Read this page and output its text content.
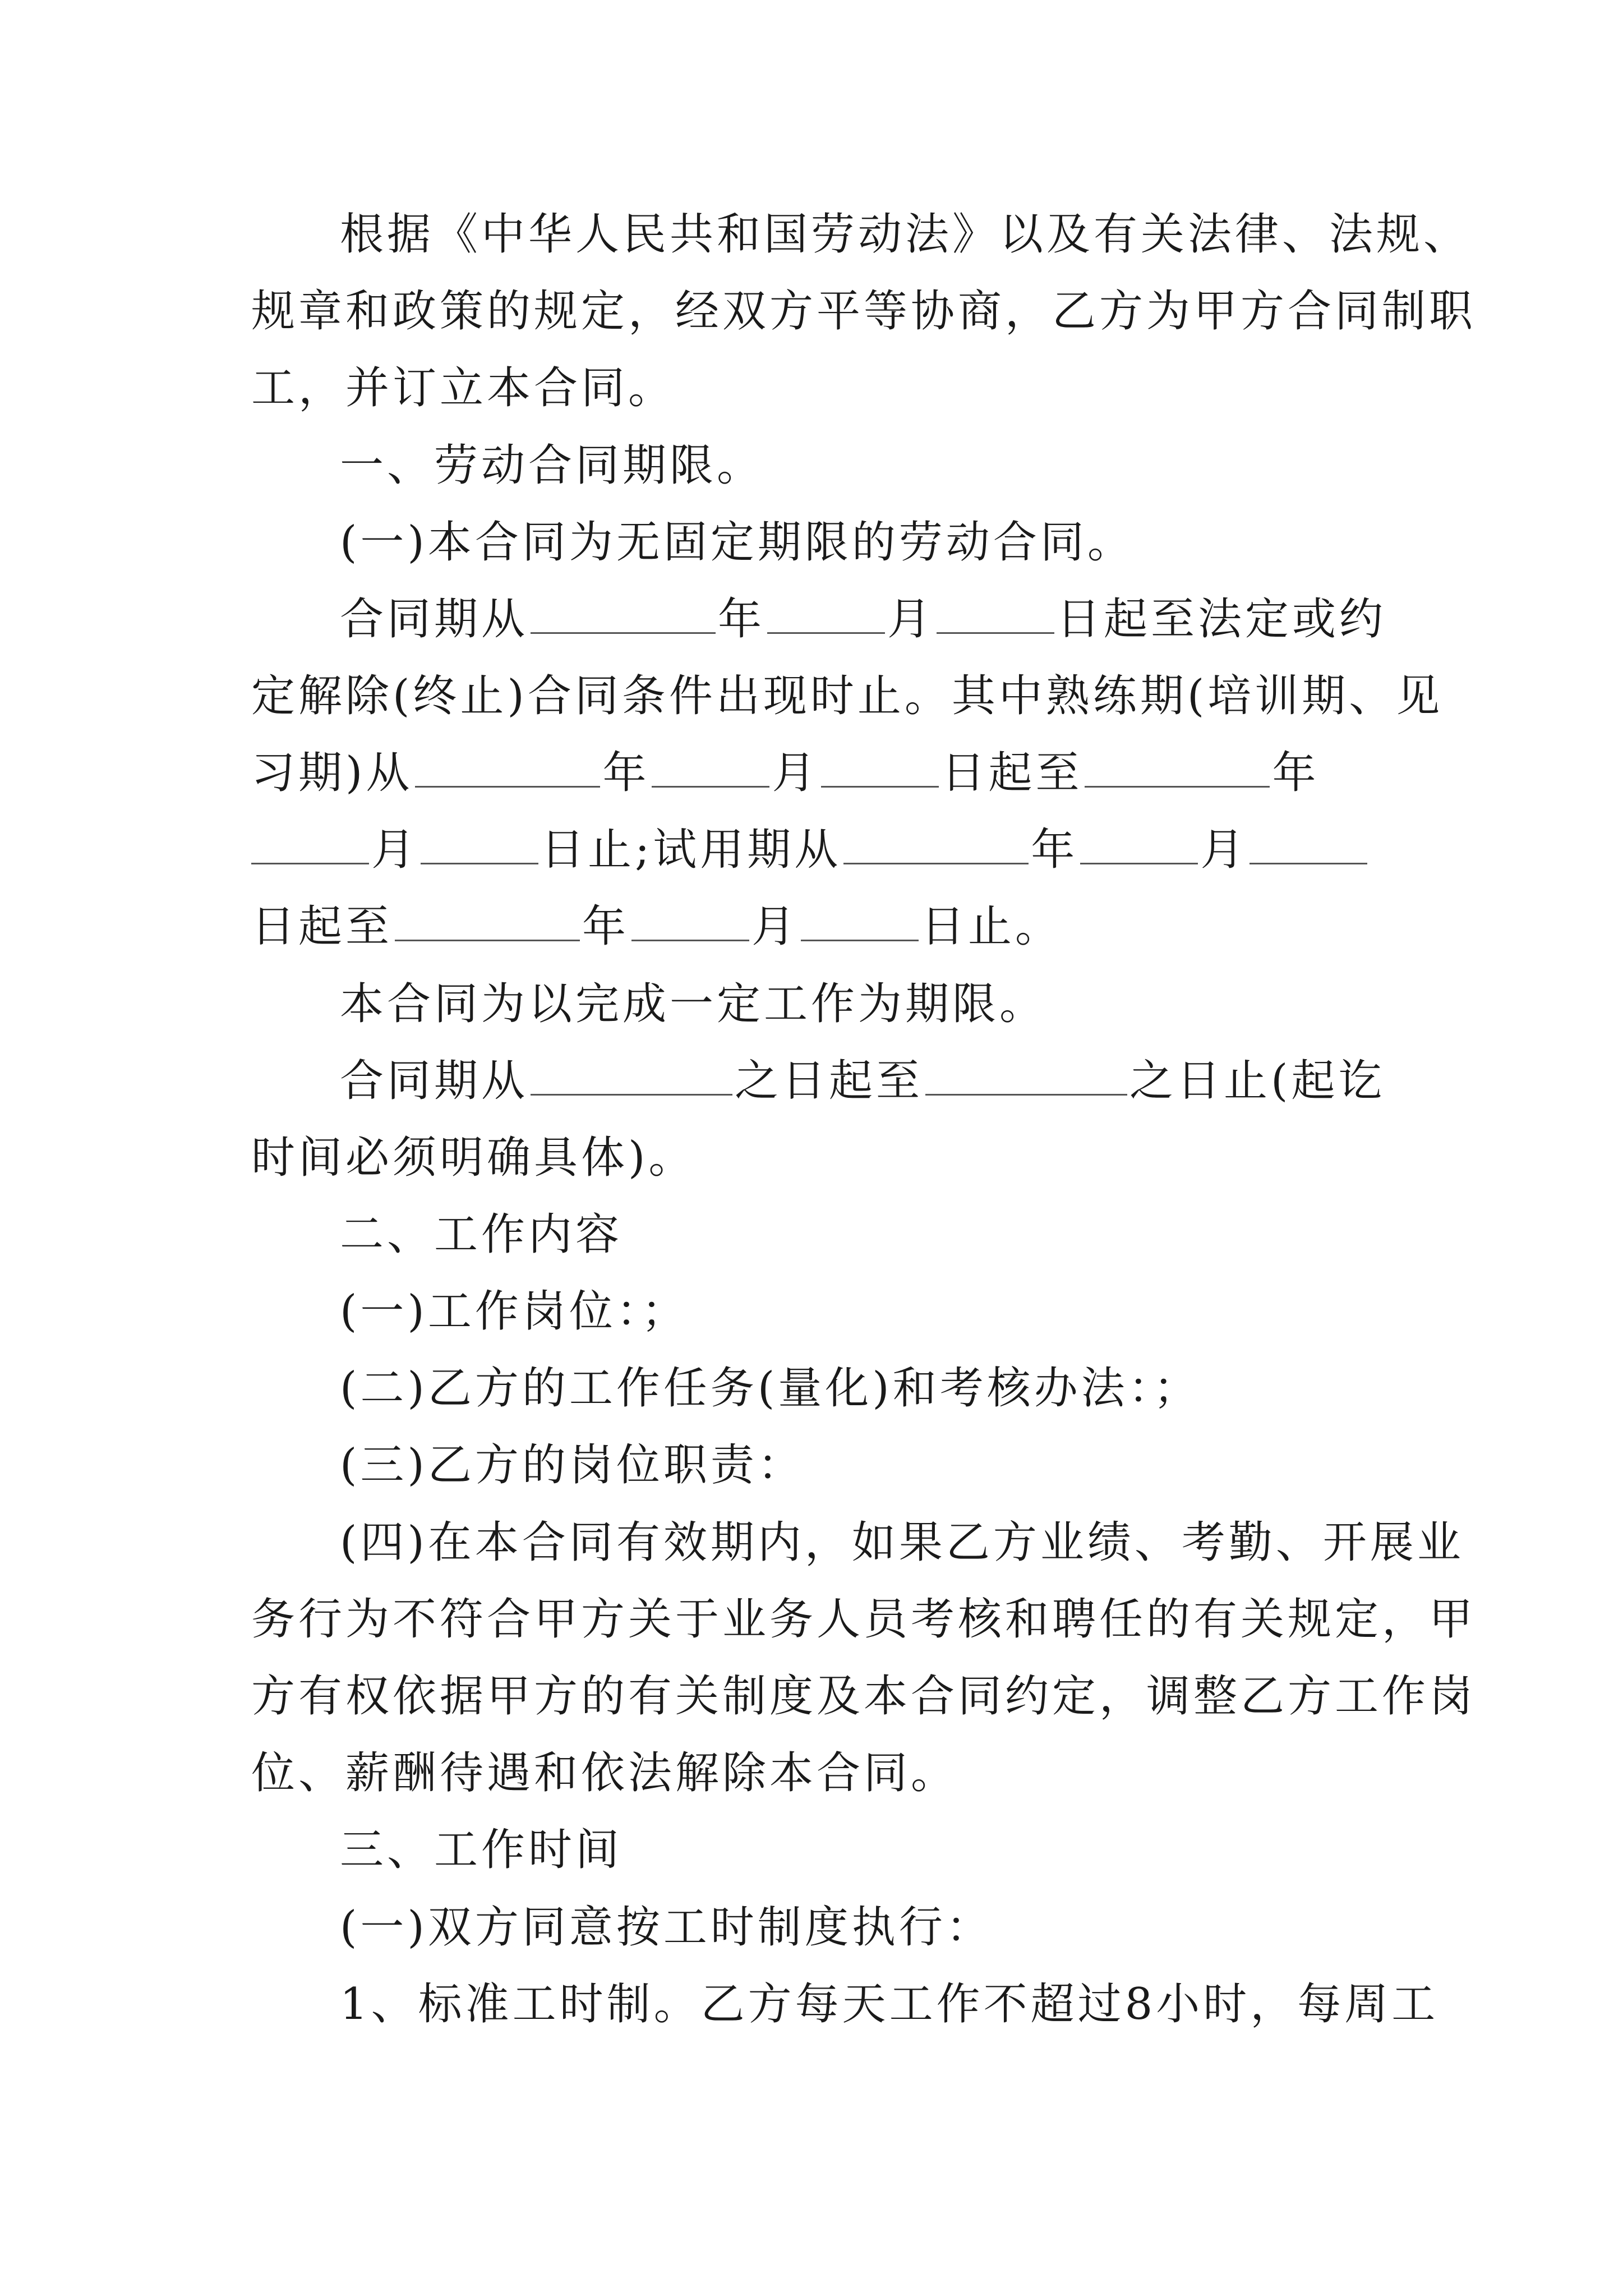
根据《中华人民共和国劳动法》以及有关法律、法规、
规章和政策的规定，经双方平等协商，乙方为甲方合同制职
工，并订立本合同。
一、劳动合同期限。
(一)本合同为无固定期限的劳动合同。
合同期从	年	月	日起至法定或约
定解除(终止)合同条件出现时止。其中熟练期(培训期、见
习期)从	年	月	日起至	年
月	日止;试用期从	年	月
日起至	年	月	日止。
本合同为以完成一定工作为期限。
合同期从	之日起至	之日止(起讫
时间必须明确具体)。
二、工作内容
(一)工作岗位：；
(二)乙方的工作任务(量化)和考核办法：；
(三)乙方的岗位职责：
(四)在本合同有效期内，如果乙方业绩、考勤、开展业
务行为不符合甲方关于业务人员考核和聘任的有关规定，甲
方有权依据甲方的有关制度及本合同约定，调整乙方工作岗
位、薪酬待遇和依法解除本合同。
三、工作时间
(一)双方同意按工时制度执行：
1、标准工时制。乙方每天工作不超过8小时，每周工
